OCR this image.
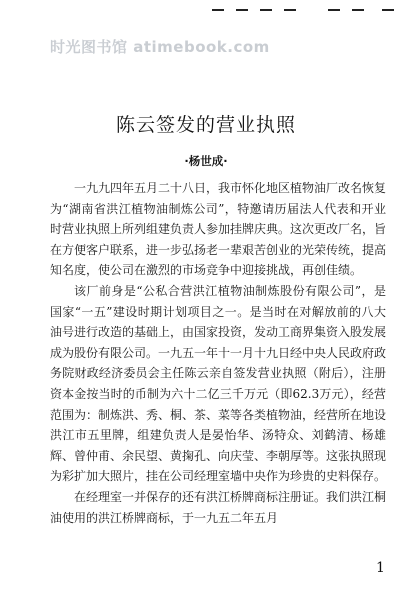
时光图书馆 atimebook.com
陈云签发的营业执照
·杨世成·

一九九四年五月二十八日，我市怀化地区植物油厂改名恢复为“湖南省洪江植物油制炼公司”，特邀请历届法人代表和开业时营业执照上所列组建负责人参加挂牌庆典。这次更改厂名，旨在方便客户联系，进一步弘扬老一辈艰苦创业的光荣传统，提高知名度，使公司在激烈的市场竞争中迎接挑战，再创佳绩。

该厂前身是“公私合营洪江植物油制炼股份有限公司”，是国家“一五”建设时期计划项目之一。是当时在对解放前的八大油号进行改造的基础上，由国家投资，发动工商界集资入股发展成为股份有限公司。一九五一年十一月十九日经中央人民政府政务院财政经济委员会主任陈云亲自签发营业执照（附后），注册资本金按当时的币制为六十二亿三千万元（即62.3万元），经营范围为：制炼洪、秀、桐、茶、菜等各类植物油，经营所在地设洪江市五里牌，组建负责人是晏怡华、汤特众、刘鹤清、杨雄辉、曾仲甫、余民望、黄掬孔、向庆莹、李朝厚等。这张执照现为彩扩加大照片，挂在公司经理室墙中央作为珍贵的史料保存。

在经理室一并保存的还有洪江桥牌商标注册证。我们洪江桐油使用的洪江桥牌商标，于一九五二年五月

1
